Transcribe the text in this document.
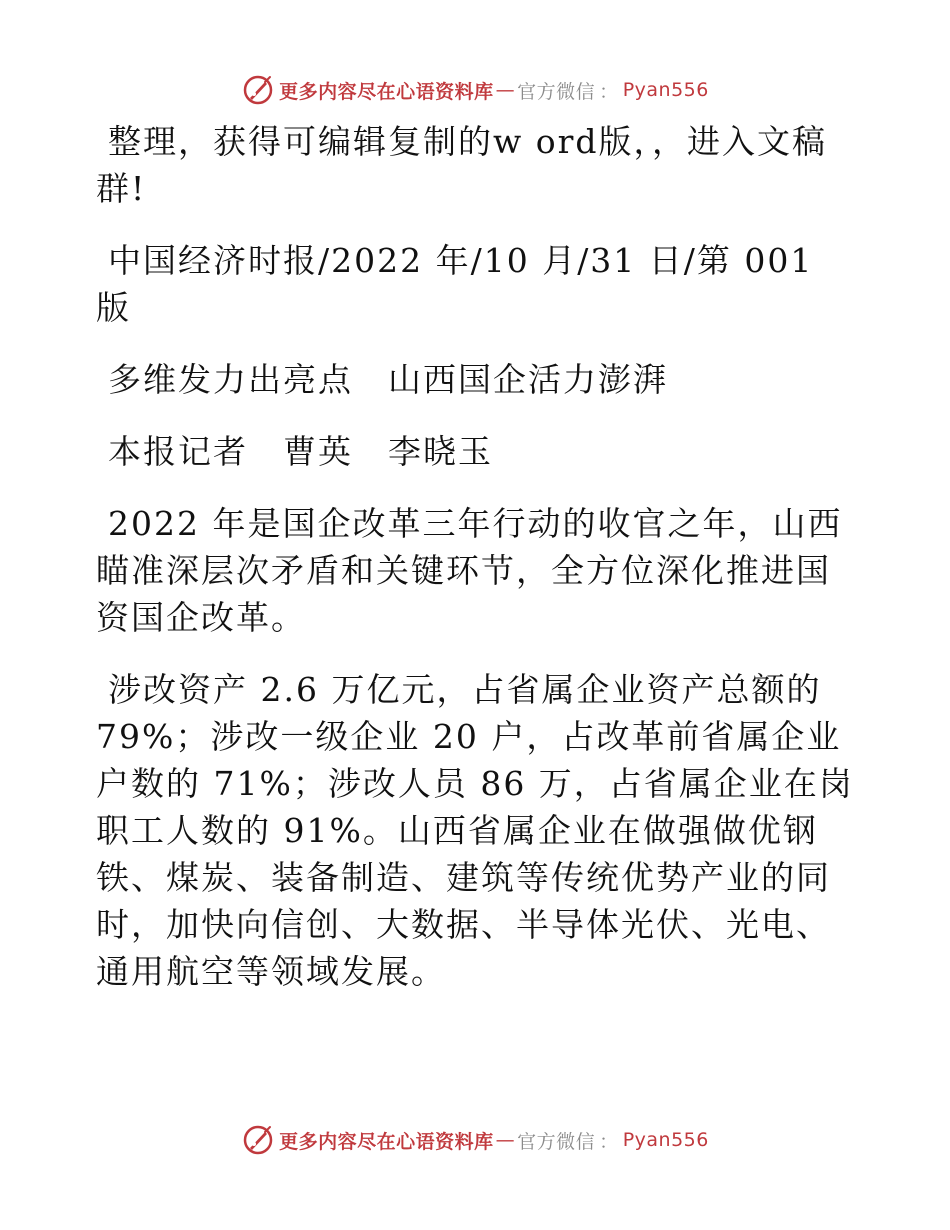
更多内容尽在心语资料库 — 官方微信 ： Pyan556

整理，获得可编辑复制的w ord版，，进入文稿群!

中国经济时报/2022 年/10 月/31 日/第 001 版

多维发力出亮点　山西国企活力澎湃

本报记者　曹英　李晓玉

2022 年是国企改革三年行动的收官之年，山西瞄准深层次矛盾和关键环节，全方位深化推进国资国企改革。

涉改资产 2.6 万亿元，占省属企业资产总额的 79%；涉改一级企业 20 户，占改革前省属企业户数的 71%；涉改人员 86 万，占省属企业在岗职工人数的 91%。山西省属企业在做强做优钢铁、煤炭、装备制造、建筑等传统优势产业的同时，加快向信创、大数据、半导体光伏、光电、通用航空等领域发展。

更多内容尽在心语资料库 — 官方微信 ： Pyan556
